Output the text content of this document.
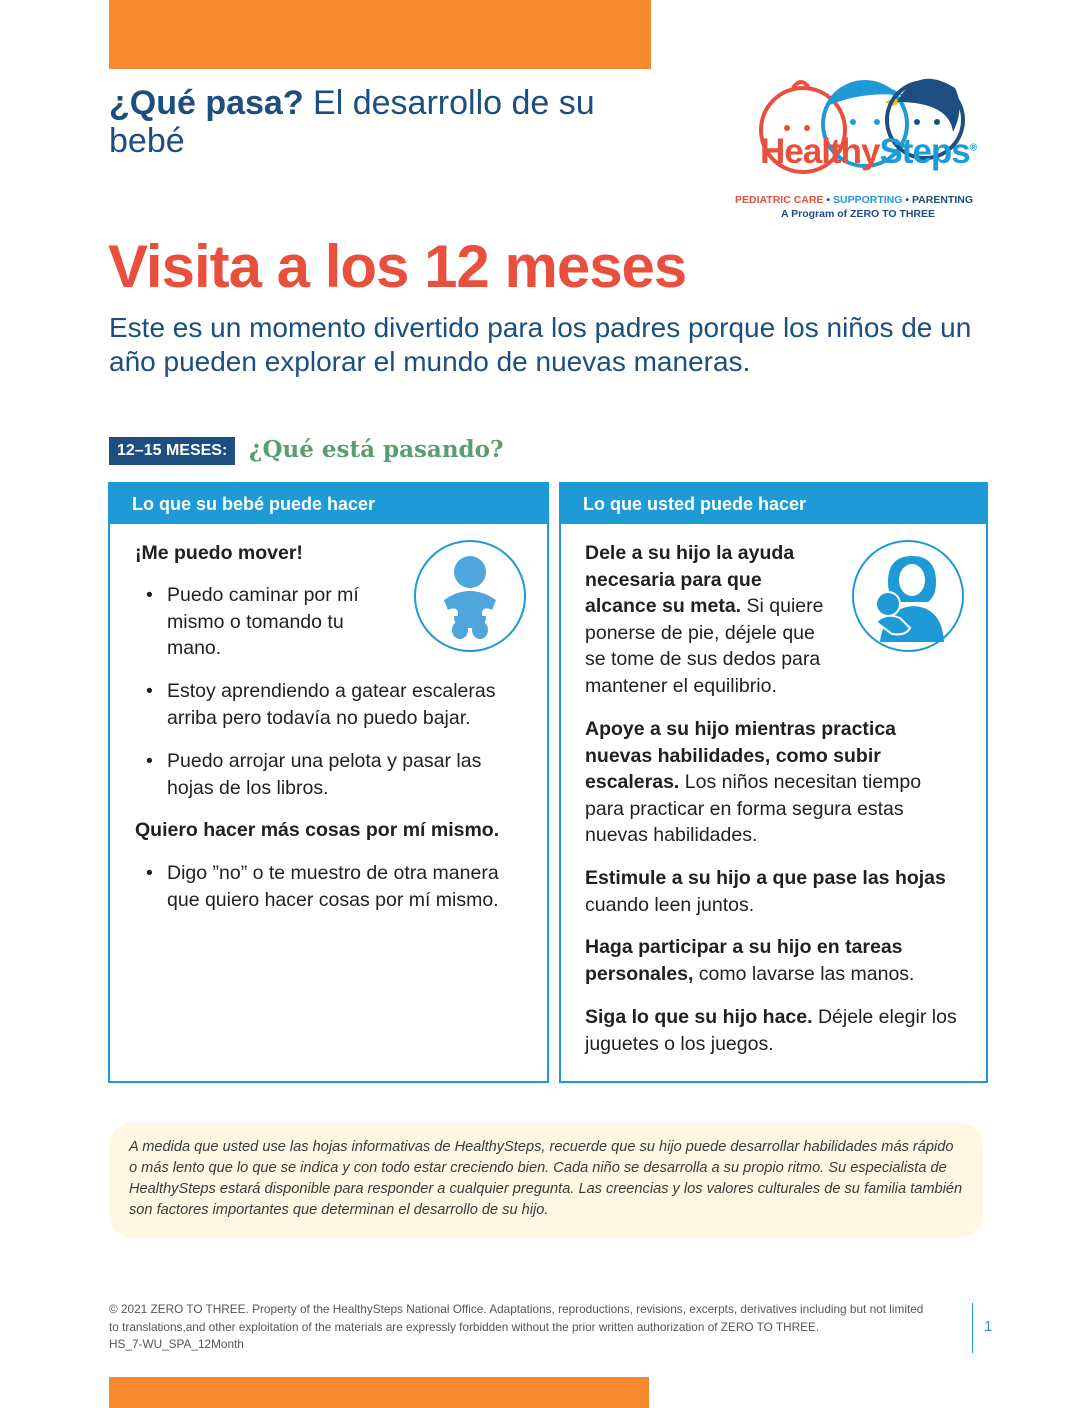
¿Qué pasa? El desarrollo de su bebé	HealthySteps®
PEDIATRIC CARE • SUPPORTING • PARENTING
A Program of ZERO TO THREE
Visita a los 12 meses
Este es un momento divertido para los padres porque los niños de un año pueden explorar el mundo de nuevas maneras.
12–15 MESES: ¿Qué está pasando?
Lo que su bebé puede hacer
¡Me puedo mover!
• Puedo caminar por mí mismo o tomando tu mano.
• Estoy aprendiendo a gatear escaleras arriba pero todavía no puedo bajar.
• Puedo arrojar una pelota y pasar las hojas de los libros.
Quiero hacer más cosas por mí mismo.
• Digo ”no” o te muestro de otra manera que quiero hacer cosas por mí mismo.
Lo que usted puede hacer
Dele a su hijo la ayuda necesaria para que alcance su meta. Si quiere ponerse de pie, déjele que se tome de sus dedos para mantener el equilibrio.
Apoye a su hijo mientras practica nuevas habilidades, como subir escaleras. Los niños necesitan tiempo para practicar en forma segura estas nuevas habilidades.
Estimule a su hijo a que pase las hojas cuando leen juntos.
Haga participar a su hijo en tareas personales, como lavarse las manos.
Siga lo que su hijo hace. Déjele elegir los juguetes o los juegos.
A medida que usted use las hojas informativas de HealthySteps, recuerde que su hijo puede desarrollar habilidades más rápido o más lento que lo que se indica y con todo estar creciendo bien. Cada niño se desarrolla a su propio ritmo. Su especialista de HealthySteps estará disponible para responder a cualquier pregunta. Las creencias y los valores culturales de su familia también son factores importantes que determinan el desarrollo de su hijo.
© 2021 ZERO TO THREE. Property of the HealthySteps National Office. Adaptations, reproductions, revisions, excerpts, derivatives including but not limited to translations,and other exploitation of the materials are expressly forbidden without the prior written authorization of ZERO TO THREE.
HS_7-WU_SPA_12Month
1
